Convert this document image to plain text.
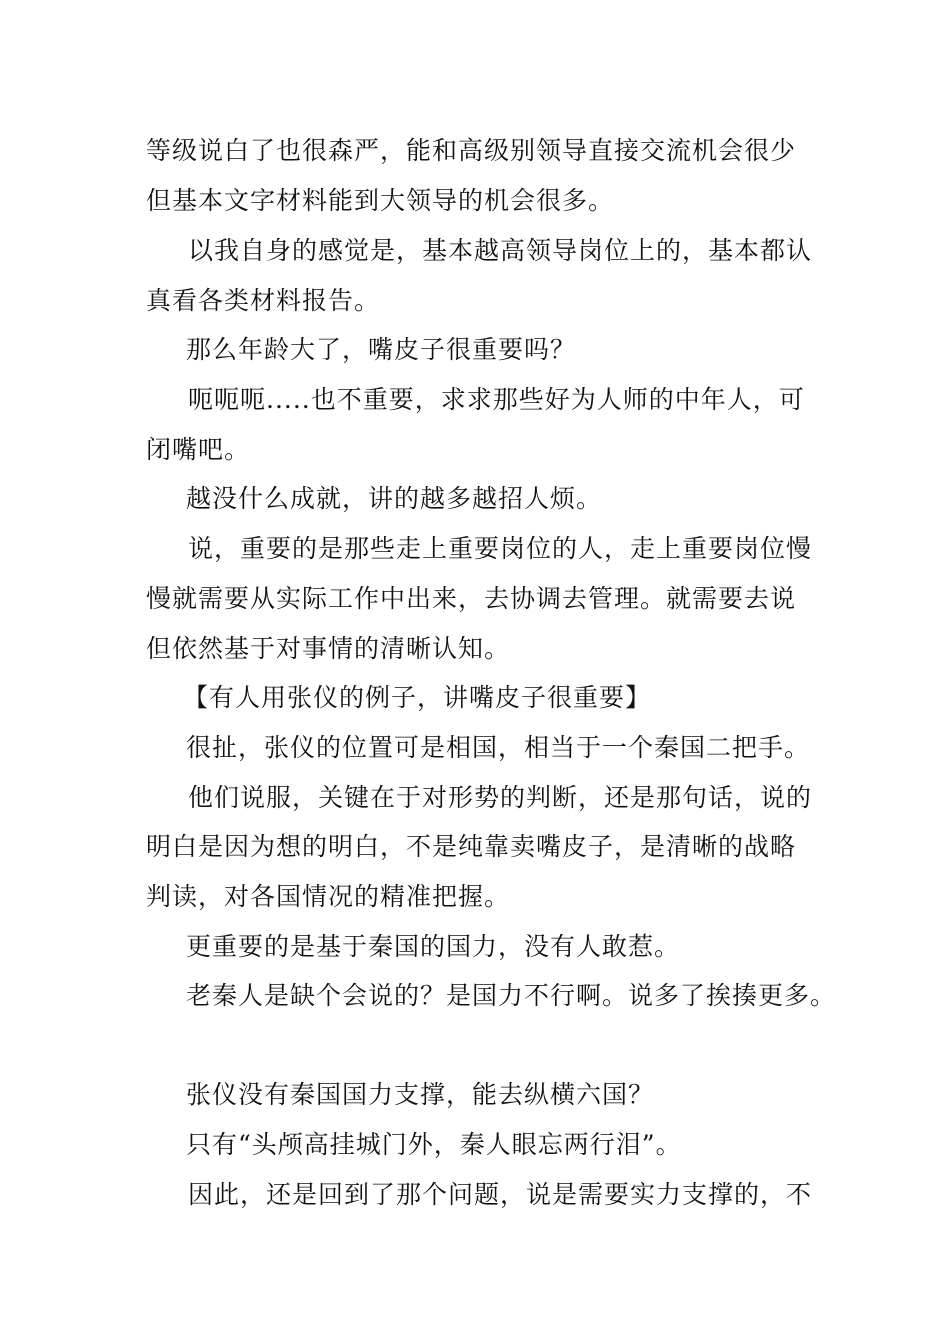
等级说白了也很森严，能和高级别领导直接交流机会很少
但基本文字材料能到大领导的机会很多。
以我自身的感觉是，基本越高领导岗位上的，基本都认
真看各类材料报告。
那么年龄大了，嘴皮子很重要吗？
呃呃呃.....也不重要，求求那些好为人师的中年人，可
闭嘴吧。
越没什么成就，讲的越多越招人烦。
说，重要的是那些走上重要岗位的人，走上重要岗位慢
慢就需要从实际工作中出来，去协调去管理。就需要去说
但依然基于对事情的清晰认知。
【有人用张仪的例子，讲嘴皮子很重要】
很扯，张仪的位置可是相国，相当于一个秦国二把手。
他们说服，关键在于对形势的判断，还是那句话，说的
明白是因为想的明白，不是纯靠卖嘴皮子，是清晰的战略
判读，对各国情况的精准把握。
更重要的是基于秦国的国力，没有人敢惹。
老秦人是缺个会说的？是国力不行啊。说多了挨揍更多。
张仪没有秦国国力支撑，能去纵横六国？
只有“头颅高挂城门外，秦人眼忘两行泪”。
因此，还是回到了那个问题，说是需要实力支撑的，不
